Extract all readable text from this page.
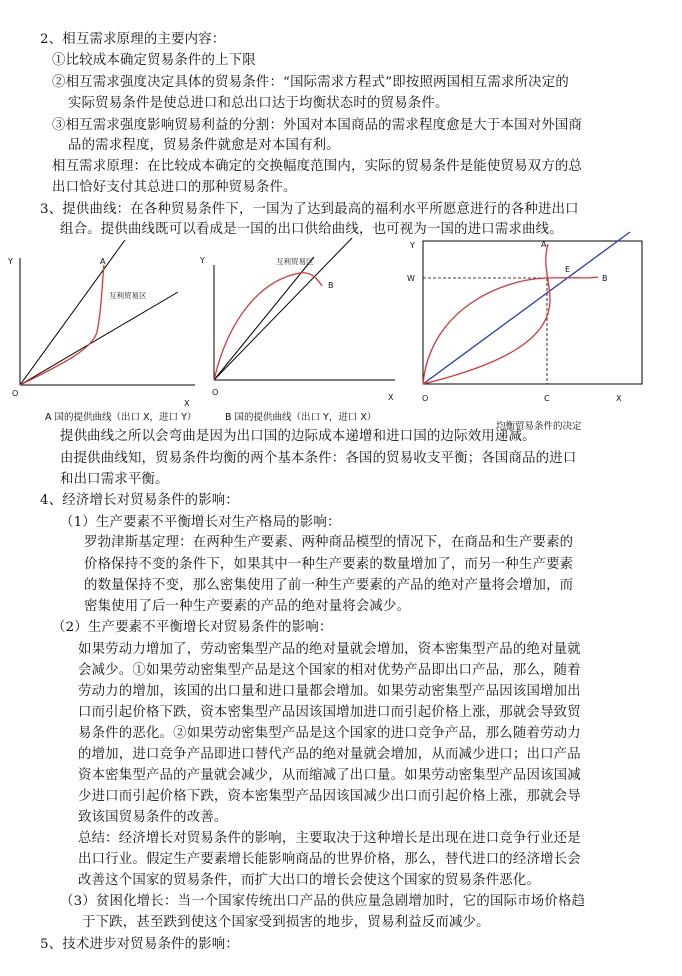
2、相互需求原理的主要内容：
①比较成本确定贸易条件的上下限
②相互需求强度决定具体的贸易条件：“国际需求方程式”即按照两国相互需求所决定的
实际贸易条件是使总进口和总出口达于均衡状态时的贸易条件。
③相互需求强度影响贸易利益的分割：外国对本国商品的需求程度愈是大于本国对外国商
品的需求程度，贸易条件就愈是对本国有利。
相互需求原理：在比较成本确定的交换幅度范围内，实际的贸易条件是能使贸易双方的总
出口恰好支付其总进口的那种贸易条件。
3、提供曲线：在各种贸易条件下，一国为了达到最高的福利水平所愿意进行的各种进出口
组合。提供曲线既可以看成是一国的出口供给曲线，也可视为一国的进口需求曲线。
Y
X
O
A
互利贸易区
Y
X
O
B
互利贸易区
Y
X
O
A
B
E
W
C
A 国的提供曲线（出口 X，进口 Y）	B 国的提供曲线（出口 Y，进口 X）
均衡贸易条件的决定
提供曲线之所以会弯曲是因为出口国的边际成本递增和进口国的边际效用递减。
由提供曲线知，贸易条件均衡的两个基本条件：各国的贸易收支平衡；各国商品的进口
和出口需求平衡。
4、经济增长对贸易条件的影响：
（1）生产要素不平衡增长对生产格局的影响：
罗勃津斯基定理：在两种生产要素、两种商品模型的情况下，在商品和生产要素的
价格保持不变的条件下，如果其中一种生产要素的数量增加了，而另一种生产要素
的数量保持不变，那么密集使用了前一种生产要素的产品的绝对产量将会增加，而
密集使用了后一种生产要素的产品的绝对量将会减少。
（2）生产要素不平衡增长对贸易条件的影响：
如果劳动力增加了，劳动密集型产品的绝对量就会增加，资本密集型产品的绝对量就
会减少。①如果劳动密集型产品是这个国家的相对优势产品即出口产品，那么，随着
劳动力的增加，该国的出口量和进口量都会增加。如果劳动密集型产品因该国增加出
口而引起价格下跌，资本密集型产品因该国增加进口而引起价格上涨，那就会导致贸
易条件的恶化。②如果劳动密集型产品是这个国家的进口竞争产品，那么随着劳动力
的增加，进口竞争产品即进口替代产品的绝对量就会增加，从而减少进口；出口产品
资本密集型产品的产量就会减少，从而缩减了出口量。如果劳动密集型产品因该国减
少进口而引起价格下跌，资本密集型产品因该国减少出口而引起价格上涨，那就会导
致该国贸易条件的改善。
总结：经济增长对贸易条件的影响，主要取决于这种增长是出现在进口竞争行业还是
出口行业。假定生产要素增长能影响商品的世界价格，那么，替代进口的经济增长会
改善这个国家的贸易条件，而扩大出口的增长会使这个国家的贸易条件恶化。
（3）贫困化增长：当一个国家传统出口产品的供应量急剧增加时，它的国际市场价格趋
于下跌，甚至跌到使这个国家受到损害的地步，贸易利益反而减少。
5、技术进步对贸易条件的影响：
